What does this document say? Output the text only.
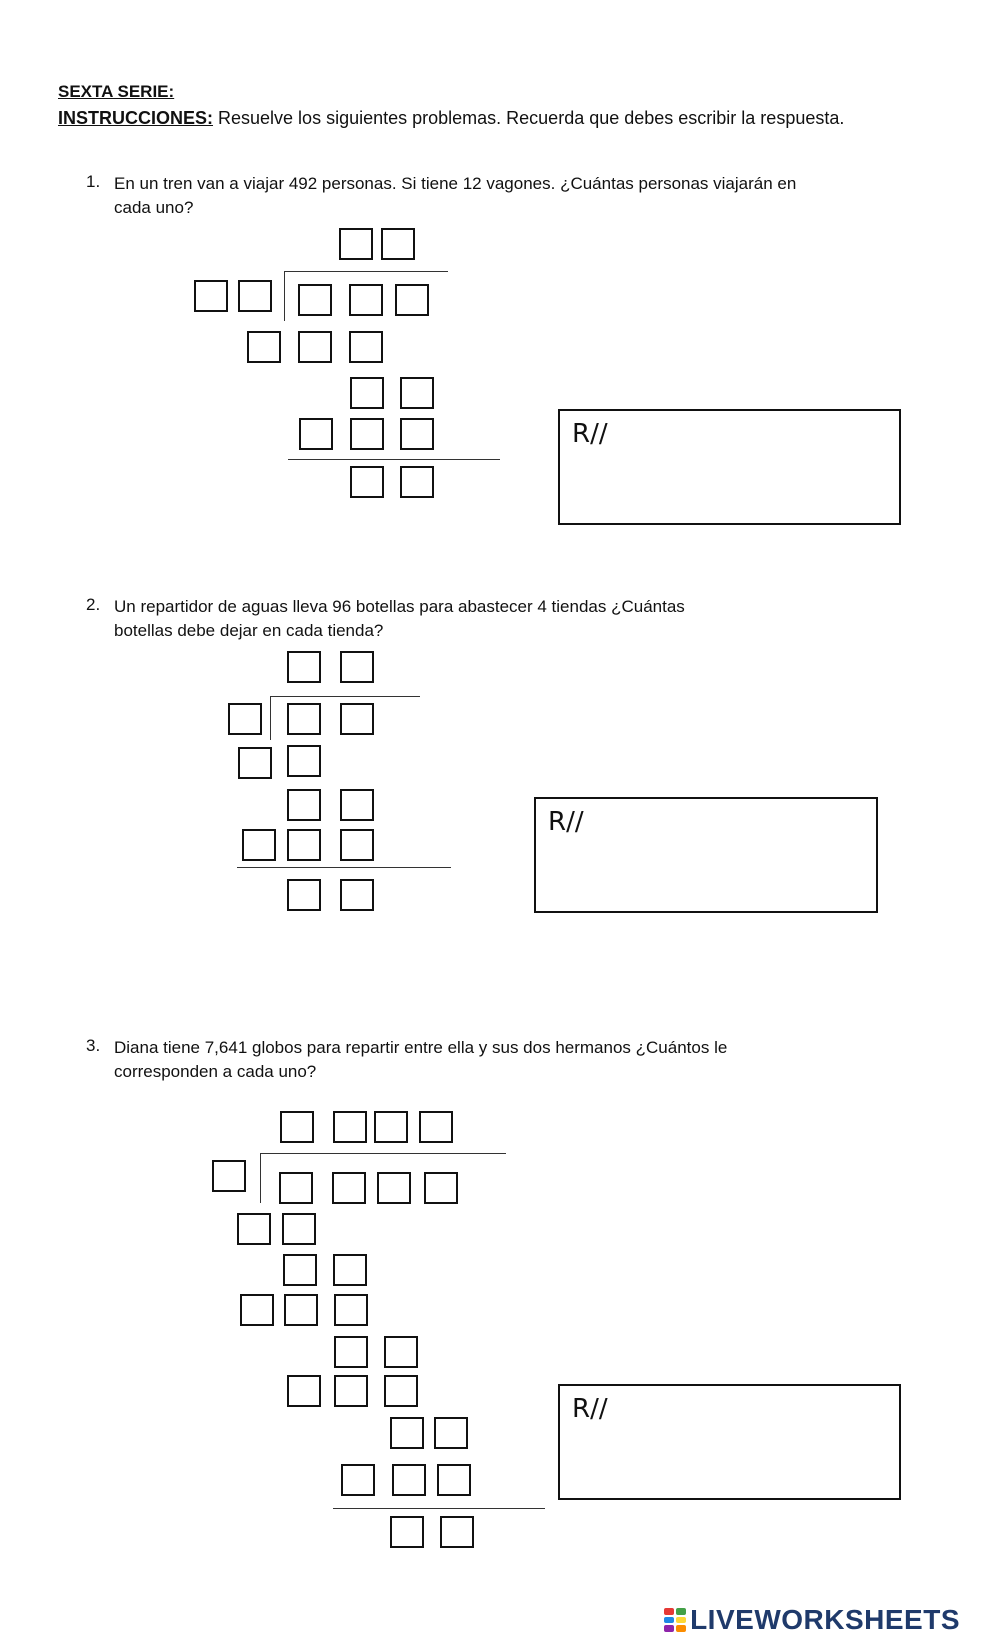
SEXTA SERIE:
INSTRUCCIONES: Resuelve los siguientes problemas. Recuerda que debes escribir la respuesta.
1. En un tren van a viajar 492 personas. Si tiene 12 vagones. ¿Cuántas personas viajarán en
cada uno?
R//
2. Un repartidor de aguas lleva 96 botellas para abastecer 4 tiendas ¿Cuántas
botellas debe dejar en cada tienda?
R//
3. Diana tiene 7,641 globos para repartir entre ella y sus dos hermanos ¿Cuántos le
corresponden a cada uno?
R//
LIVEWORKSHEETS
